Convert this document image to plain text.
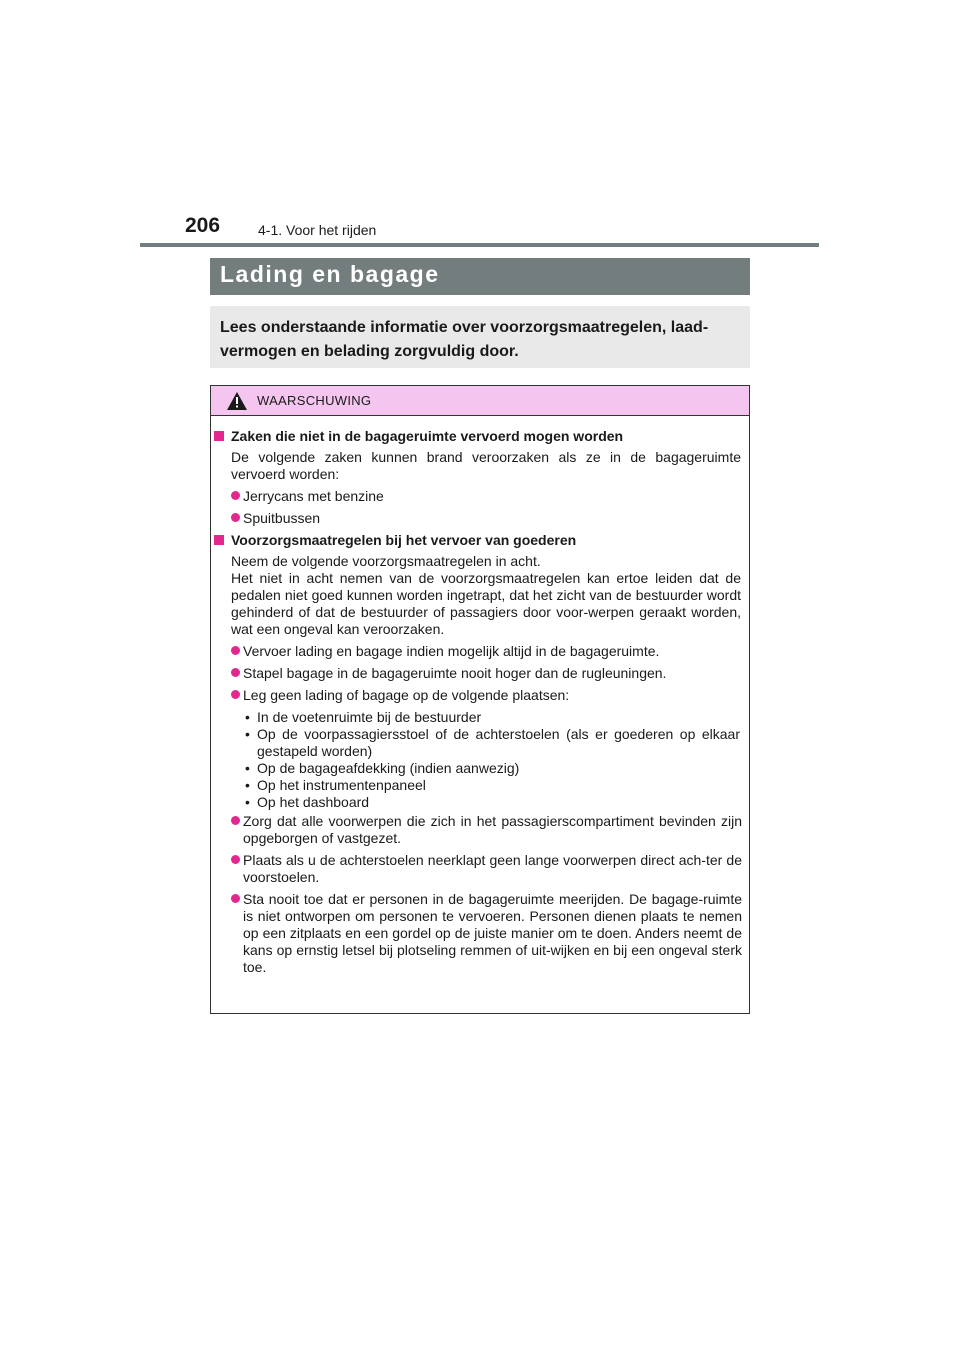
206	4-1. Voor het rijden
Lading en bagage
Lees onderstaande informatie over voorzorgsmaatregelen, laad-vermogen en belading zorgvuldig door.
WAARSCHUWING
Zaken die niet in de bagageruimte vervoerd mogen worden
De volgende zaken kunnen brand veroorzaken als ze in de bagageruimte vervoerd worden:
Jerrycans met benzine
Spuitbussen
Voorzorgsmaatregelen bij het vervoer van goederen
Neem de volgende voorzorgsmaatregelen in acht.
Het niet in acht nemen van de voorzorgsmaatregelen kan ertoe leiden dat de pedalen niet goed kunnen worden ingetrapt, dat het zicht van de bestuurder wordt gehinderd of dat de bestuurder of passagiers door voor-werpen geraakt worden, wat een ongeval kan veroorzaken.
Vervoer lading en bagage indien mogelijk altijd in de bagageruimte.
Stapel bagage in de bagageruimte nooit hoger dan de rugleuningen.
Leg geen lading of bagage op de volgende plaatsen:
• In de voetenruimte bij de bestuurder
• Op de voorpassagiersstoel of de achterstoelen (als er goederen op elkaar gestapeld worden)
• Op de bagageafdekking (indien aanwezig)
• Op het instrumentenpaneel
• Op het dashboard
Zorg dat alle voorwerpen die zich in het passagierscompartiment bevinden zijn opgeborgen of vastgezet.
Plaats als u de achterstoelen neerklapt geen lange voorwerpen direct ach-ter de voorstoelen.
Sta nooit toe dat er personen in de bagageruimte meerijden. De bagage-ruimte is niet ontworpen om personen te vervoeren. Personen dienen plaats te nemen op een zitplaats en een gordel op de juiste manier om te doen. Anders neemt de kans op ernstig letsel bij plotseling remmen of uit-wijken en bij een ongeval sterk toe.
